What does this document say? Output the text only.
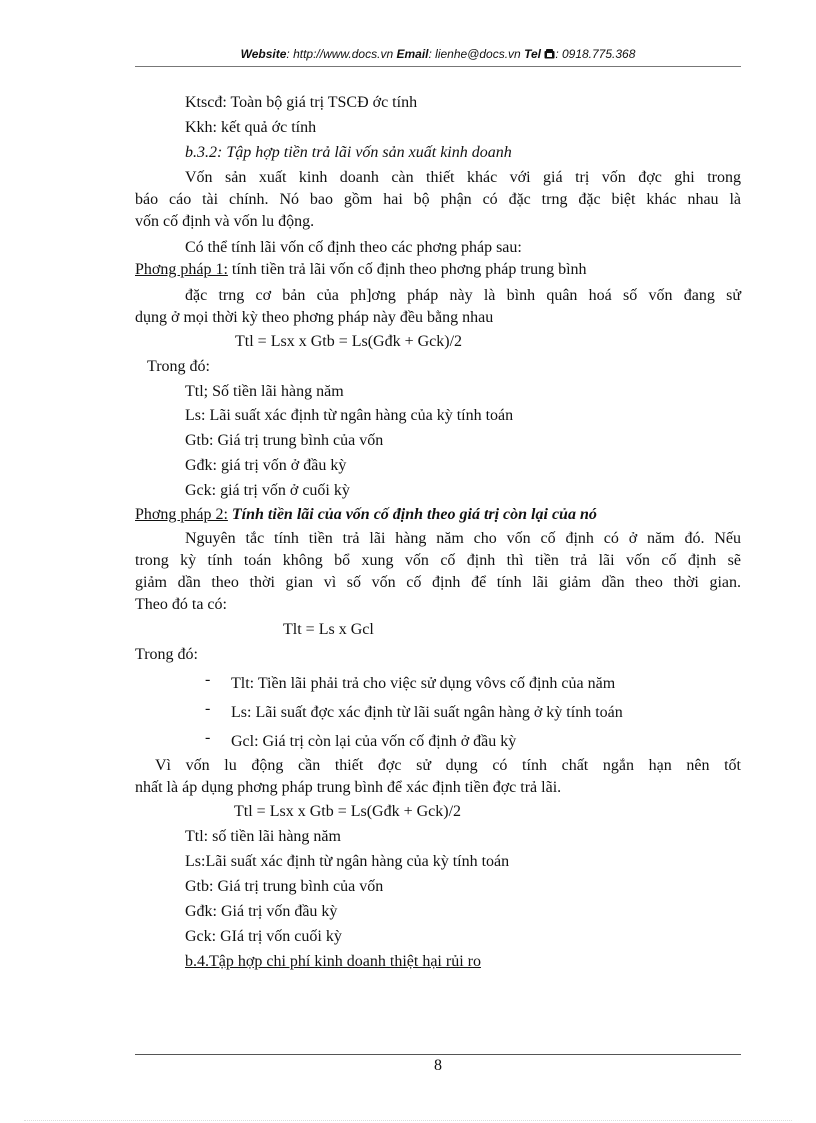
Website: http://www.docs.vn Email: lienhe@docs.vn Tel : 0918.775.368
Ktscđ: Toàn bộ giá trị TSCĐ ớc tính
Kkh: kết quả ớc tính
b.3.2: Tập hợp tiền trả lãi vốn sản xuất kinh doanh
Vốn sản xuất kinh doanh càn thiết khác với giá trị vốn đợc ghi trong
báo cáo tài chính. Nó bao gồm hai bộ phận có đặc trng đặc biệt khác nhau là
vốn cố định và vốn lu động.
Có thể tính lãi vốn cố định theo các phơng pháp sau:
Phơng pháp 1: tính tiền trả lãi vốn cố định theo phơng pháp trung bình
đặc trng cơ bản của ph]ơng pháp này là bình quân hoá số vốn đang sử
dụng ở mọi thời kỳ theo phơng pháp này đều bằng nhau
Ttl = Lsx x Gtb = Ls(Gđk + Gck)/2
Trong đó:
Ttl; Số tiền lãi hàng năm
Ls: Lãi suất xác định từ ngân hàng của kỳ tính toán
Gtb: Giá trị trung bình của vốn
Gđk: giá trị vốn ở đầu kỳ
Gck: giá trị vốn ở cuối kỳ
Phơng pháp 2: Tính tiền lãi của vốn cố định theo giá trị còn lại của nó
Nguyên tắc tính tiền trả lãi hàng năm cho vốn cố định có ở năm đó. Nếu
trong kỳ tính toán không bổ xung vốn cố định thì tiền trả lãi vốn cố định sẽ
giảm dần theo thời gian vì số vốn cố định để tính lãi giảm dần theo thời gian.
Theo đó ta có:
Tlt = Ls x Gcl
Trong đó:
- Tlt: Tiền lãi phải trả cho việc sử dụng vôvs cố định của năm
- Ls: Lãi suất đợc xác định từ lãi suất ngân hàng ở kỳ tính toán
- Gcl: Giá trị còn lại của vốn cố định ở đầu kỳ
Vì vốn lu động cần thiết đợc sử dụng có tính chất ngắn hạn nên tốt
nhất là áp dụng phơng pháp trung bình để xác định tiền đợc trả lãi.
Ttl = Lsx x Gtb = Ls(Gđk + Gck)/2
Ttl: số tiền lãi hàng năm
Ls:Lãi suất xác định từ ngân hàng của kỳ tính toán
Gtb: Giá trị trung bình của vốn
Gđk: Giá trị vốn đầu kỳ
Gck: GIá trị vốn cuối kỳ
b.4.Tập hợp chi phí kinh doanh thiệt hại rủi ro
8
